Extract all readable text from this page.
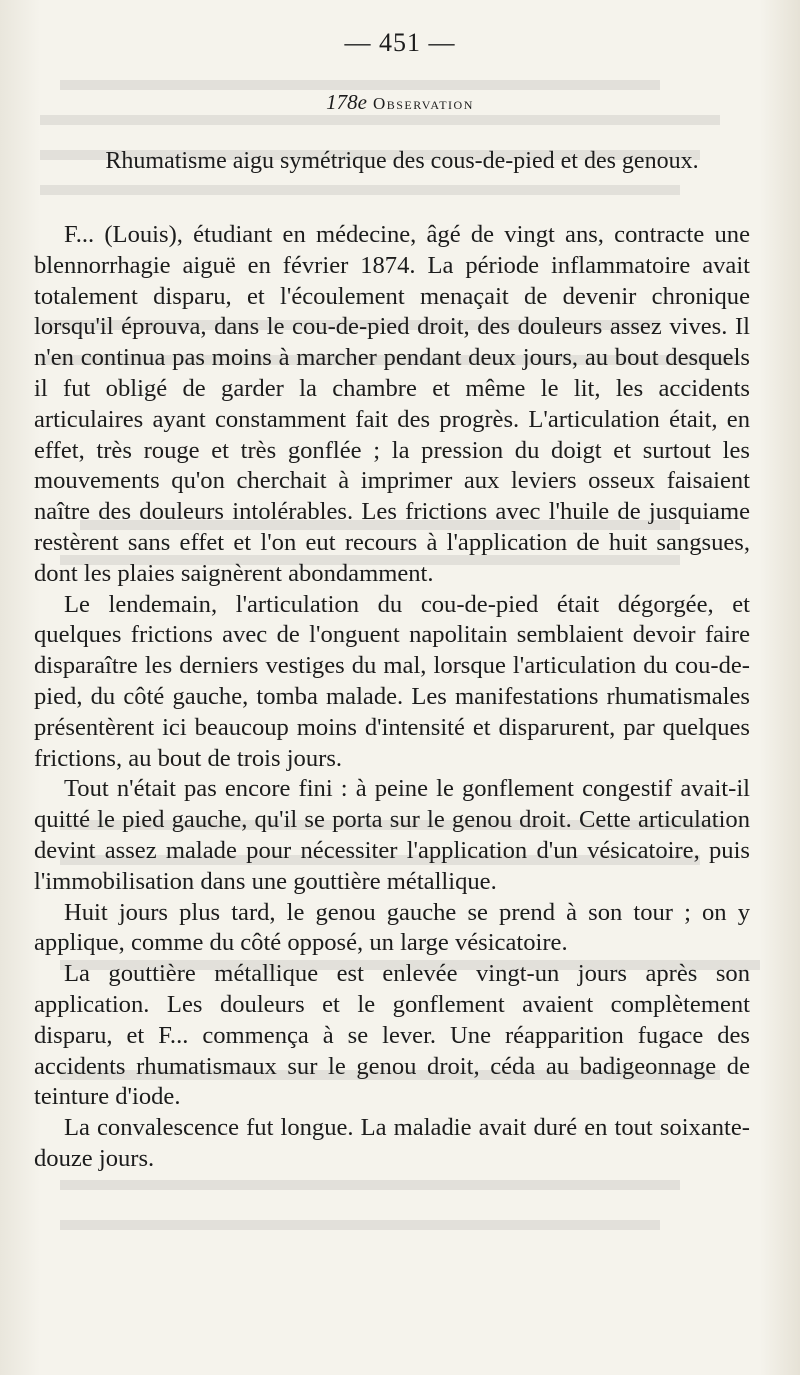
— 451 —
178e Observation
Rhumatisme aigu symétrique des cous-de-pied et des genoux.

F... (Louis), étudiant en médecine, âgé de vingt ans, contracte une blennorrhagie aiguë en février 1874. La période inflammatoire avait totalement disparu, et l'écoulement menaçait de devenir chronique lorsqu'il éprouva, dans le cou-de-pied droit, des douleurs assez vives. Il n'en continua pas moins à marcher pendant deux jours, au bout desquels il fut obligé de garder la chambre et même le lit, les accidents articulaires ayant constamment fait des progrès. L'articulation était, en effet, très rouge et très gonflée ; la pression du doigt et surtout les mouvements qu'on cherchait à imprimer aux leviers osseux faisaient naître des douleurs intolérables. Les frictions avec l'huile de jusquiame restèrent sans effet et l'on eut recours à l'application de huit sangsues, dont les plaies saignèrent abondamment.

Le lendemain, l'articulation du cou-de-pied était dégorgée, et quelques frictions avec de l'onguent napolitain semblaient devoir faire disparaître les derniers vestiges du mal, lorsque l'articulation du cou-de-pied, du côté gauche, tomba malade. Les manifestations rhumatismales présentèrent ici beaucoup moins d'intensité et disparurent, par quelques frictions, au bout de trois jours.

Tout n'était pas encore fini : à peine le gonflement congestif avait-il quitté le pied gauche, qu'il se porta sur le genou droit. Cette articulation devint assez malade pour nécessiter l'application d'un vésicatoire, puis l'immobilisation dans une gouttière métallique.

Huit jours plus tard, le genou gauche se prend à son tour ; on y applique, comme du côté opposé, un large vésicatoire.

La gouttière métallique est enlevée vingt-un jours après son application. Les douleurs et le gonflement avaient complètement disparu, et F... commença à se lever. Une réapparition fugace des accidents rhumatismaux sur le genou droit, céda au badigeonnage de teinture d'iode.

La convalescence fut longue. La maladie avait duré en tout soixante-douze jours.
